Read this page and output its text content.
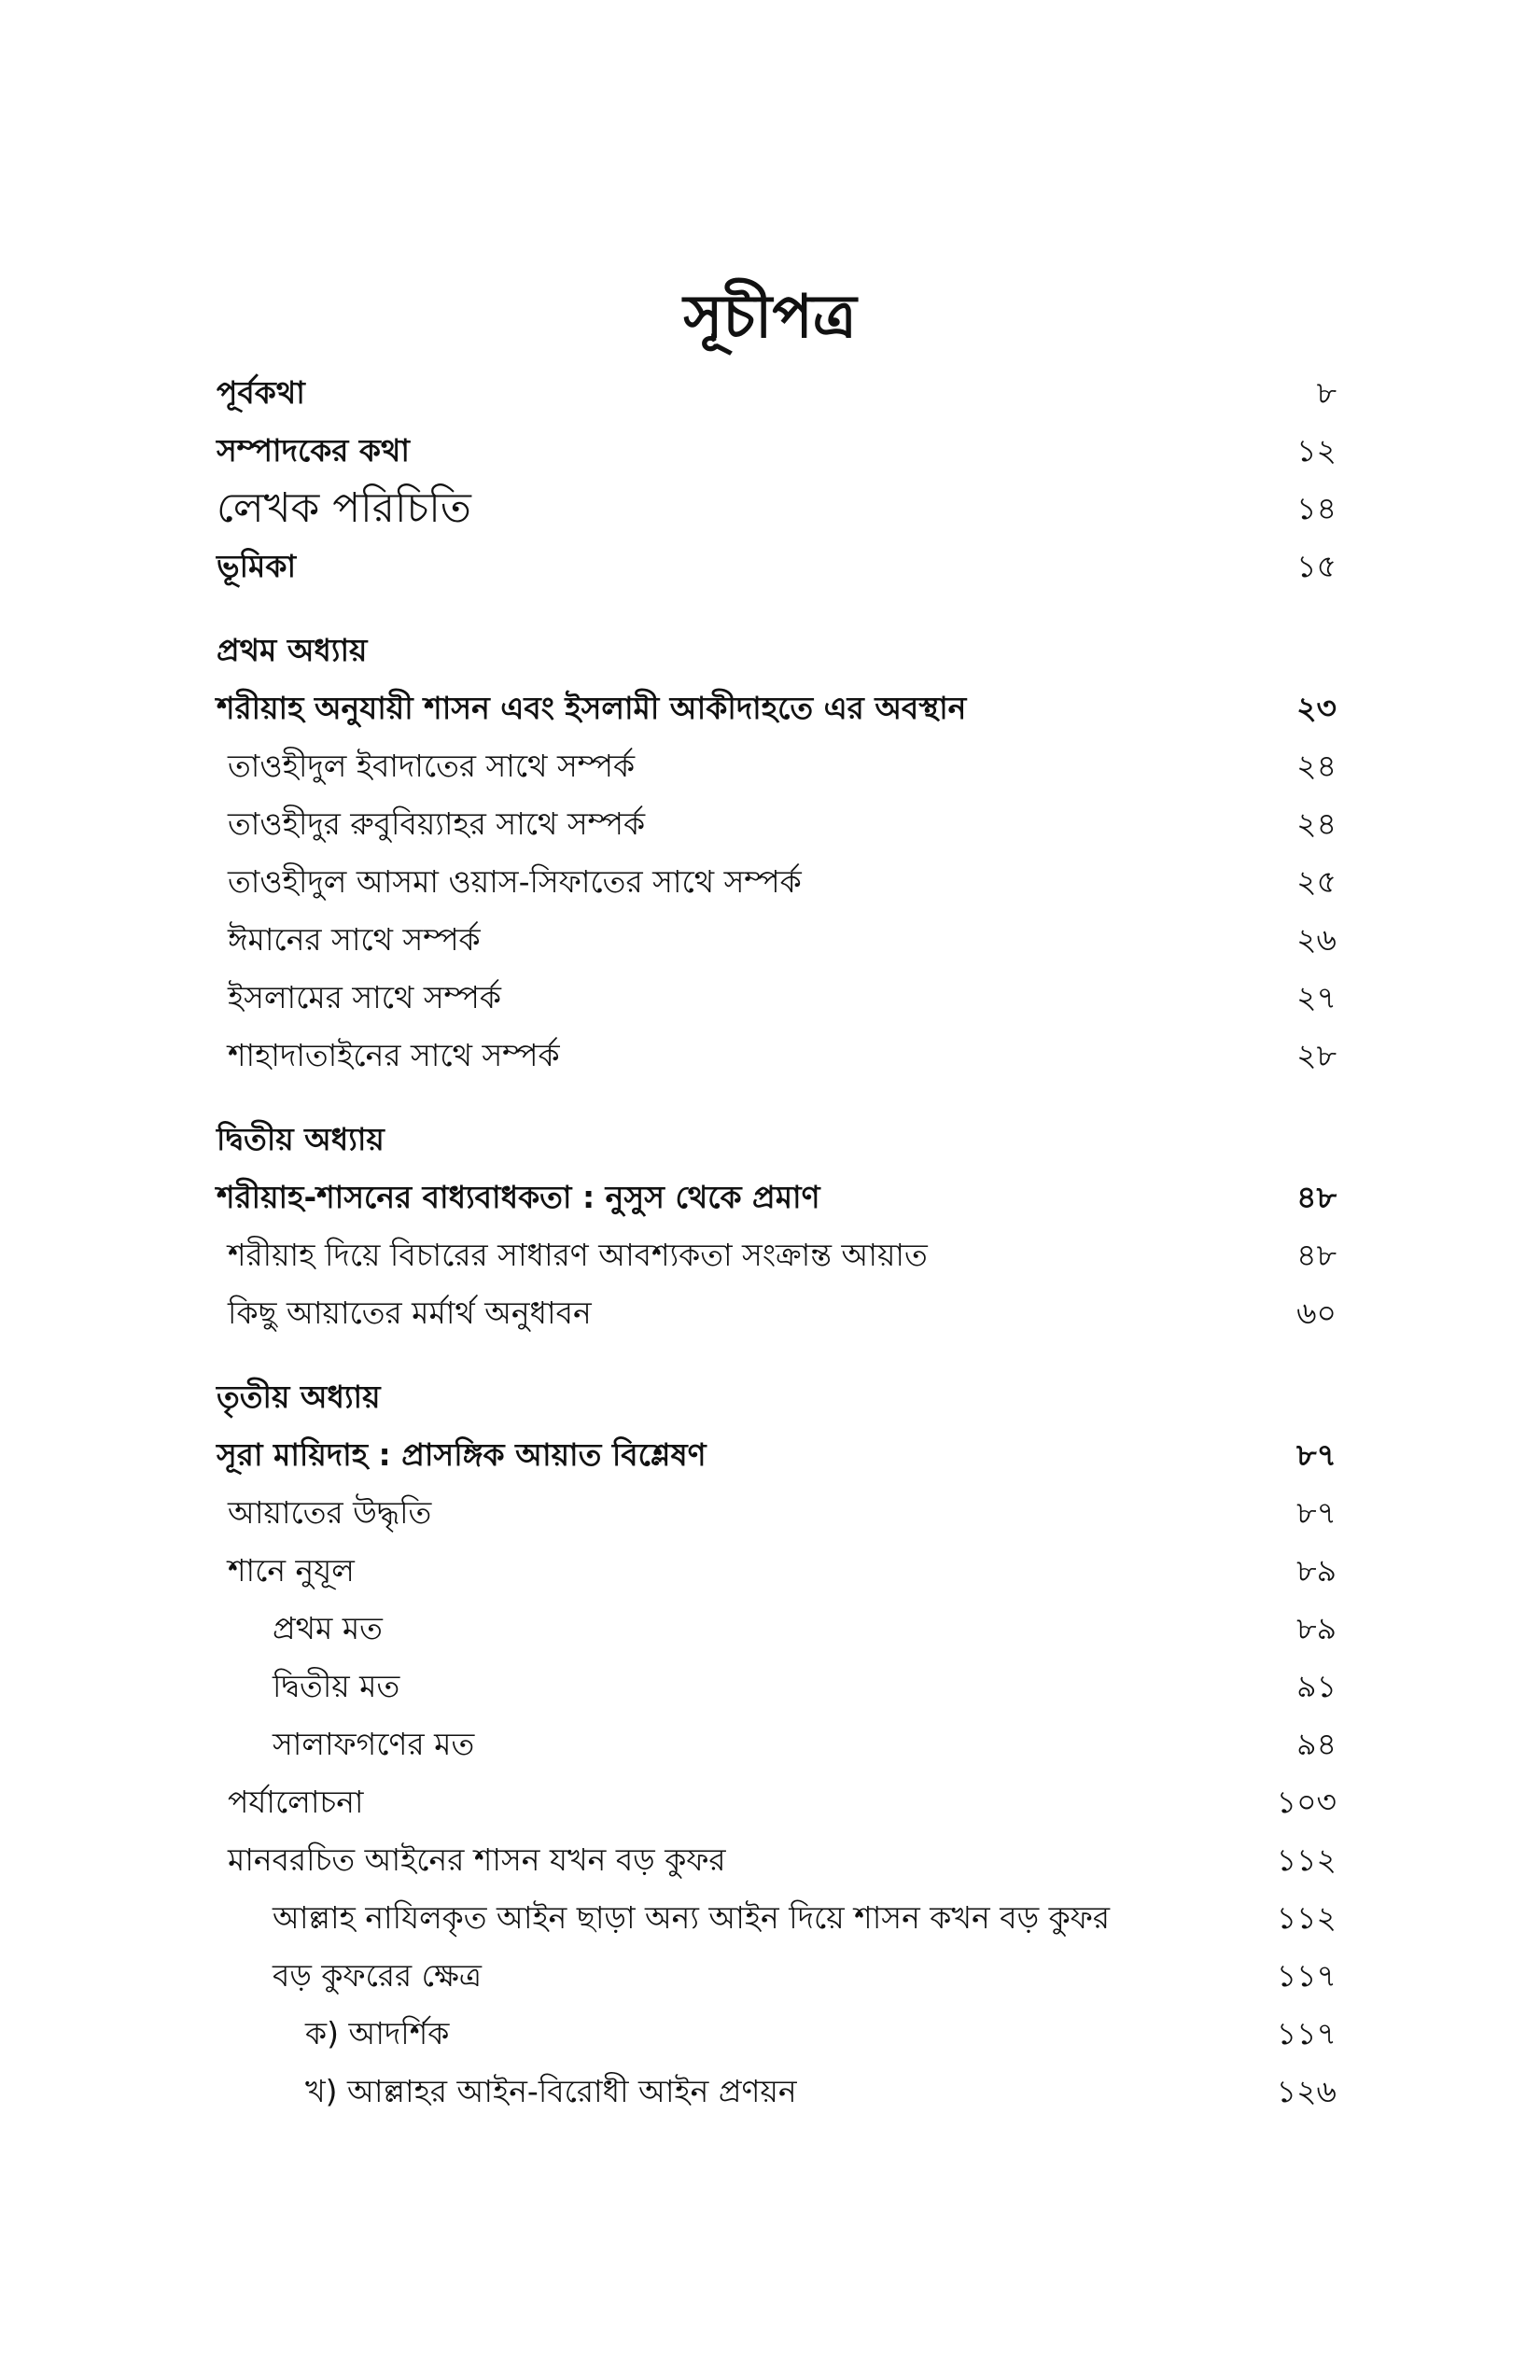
সূচীপত্র
পূর্বকথা	৮
সম্পাদকের কথা	১২
লেখক পরিচিতি	১৪
ভূমিকা	১৫
প্রথম অধ্যায়
শরীয়াহ অনুযায়ী শাসন এবং ইসলামী আকীদাহতে এর অবস্থান	২৩
তাওহীদুল ইবাদাতের সাথে সম্পর্ক	২৪
তাওহীদুর রুবুবিয়্যাহর সাথে সম্পর্ক	২৪
তাওহীদুল আসমা ওয়াস-সিফাতের সাথে সম্পর্ক	২৫
ঈমানের সাথে সম্পর্ক	২৬
ইসলামের সাথে সম্পর্ক	২৭
শাহাদাতাইনের সাথে সম্পর্ক	২৮
দ্বিতীয় অধ্যায়
শরীয়াহ-শাসনের বাধ্যবাধকতা : নুসুস থেকে প্রমাণ	৪৮
শরীয়াহ দিয়ে বিচারের সাধারণ আবশ্যকতা সংক্রান্ত আয়াত	৪৮
কিছু আয়াতের মর্মার্থ অনুধাবন	৬০
তৃতীয় অধ্যায়
সূরা মায়িদাহ : প্রাসঙ্গিক আয়াত বিশ্লেষণ	৮৭
আয়াতের উদ্ধৃতি	৮৭
শানে নুযূল	৮৯
প্রথম মত	৮৯
দ্বিতীয় মত	৯১
সালাফগণের মত	৯৪
পর্যালোচনা	১০৩
মানবরচিত আইনের শাসন যখন বড় কুফর	১১২
আল্লাহ নাযিলকৃত আইন ছাড়া অন্য আইন দিয়ে শাসন কখন বড় কুফর	১১২
বড় কুফরের ক্ষেত্র	১১৭
ক) আদর্শিক	১১৭
খ) আল্লাহর আইন-বিরোধী আইন প্রণয়ন	১২৬
